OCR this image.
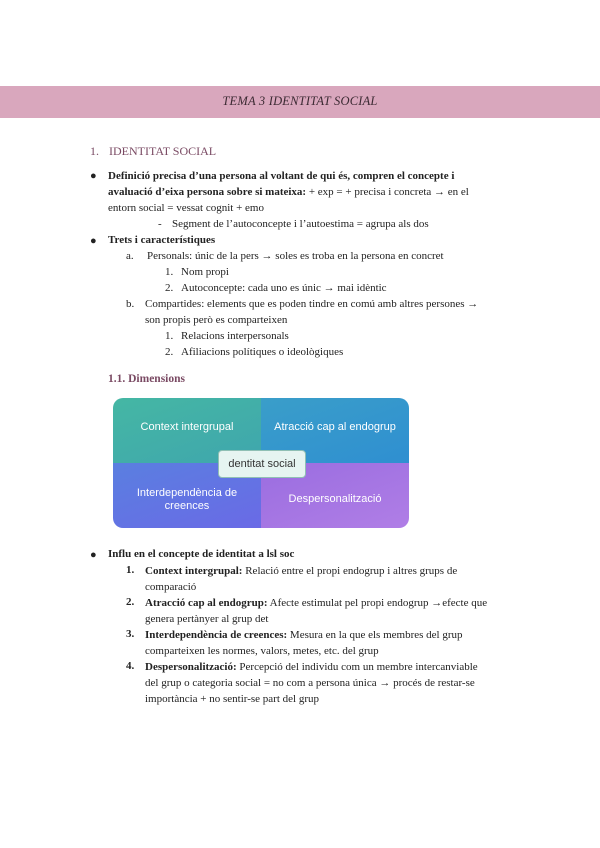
TEMA 3 IDENTITAT SOCIAL
1. IDENTITAT SOCIAL
● Definició precisa d’una persona al voltant de qui és, compren el concepte i
avaluació d’eixa persona sobre si mateixa: + exp = + precisa i concreta → en el
entorn social = vessat cognit + emo
- Segment de l’autoconcepte i l’autoestima = agrupa als dos
● Trets i característiques
a. Personals: únic de la pers → soles es troba en la persona en concret
1. Nom propi
2. Autoconcepte: cada uno es únic → mai idèntic
b. Compartides: elements que es poden tindre en comú amb altres persones →
son propis però es comparteixen
1. Relacions interpersonals
2. Afiliacions polítiques o ideològiques
1.1. Dimensions
Context intergrupal	Atracció cap al endogrup
Interdependència de
creences
Despersonalització
dentitat social
● Influ en el concepte de identitat a lsl soc
1. Context intergrupal: Relació entre el propi endogrup i altres grups de
comparació
2. Atracció cap al endogrup: Afecte estimulat pel propi endogrup →efecte que
genera pertànyer al grup det
3. Interdependència de creences: Mesura en la que els membres del grup
comparteixen les normes, valors, metes, etc. del grup
4. Despersonalització: Percepció del individu com un membre intercanviable
del grup o categoria social = no com a persona única → procés de restar-se
importància + no sentir-se part del grup
